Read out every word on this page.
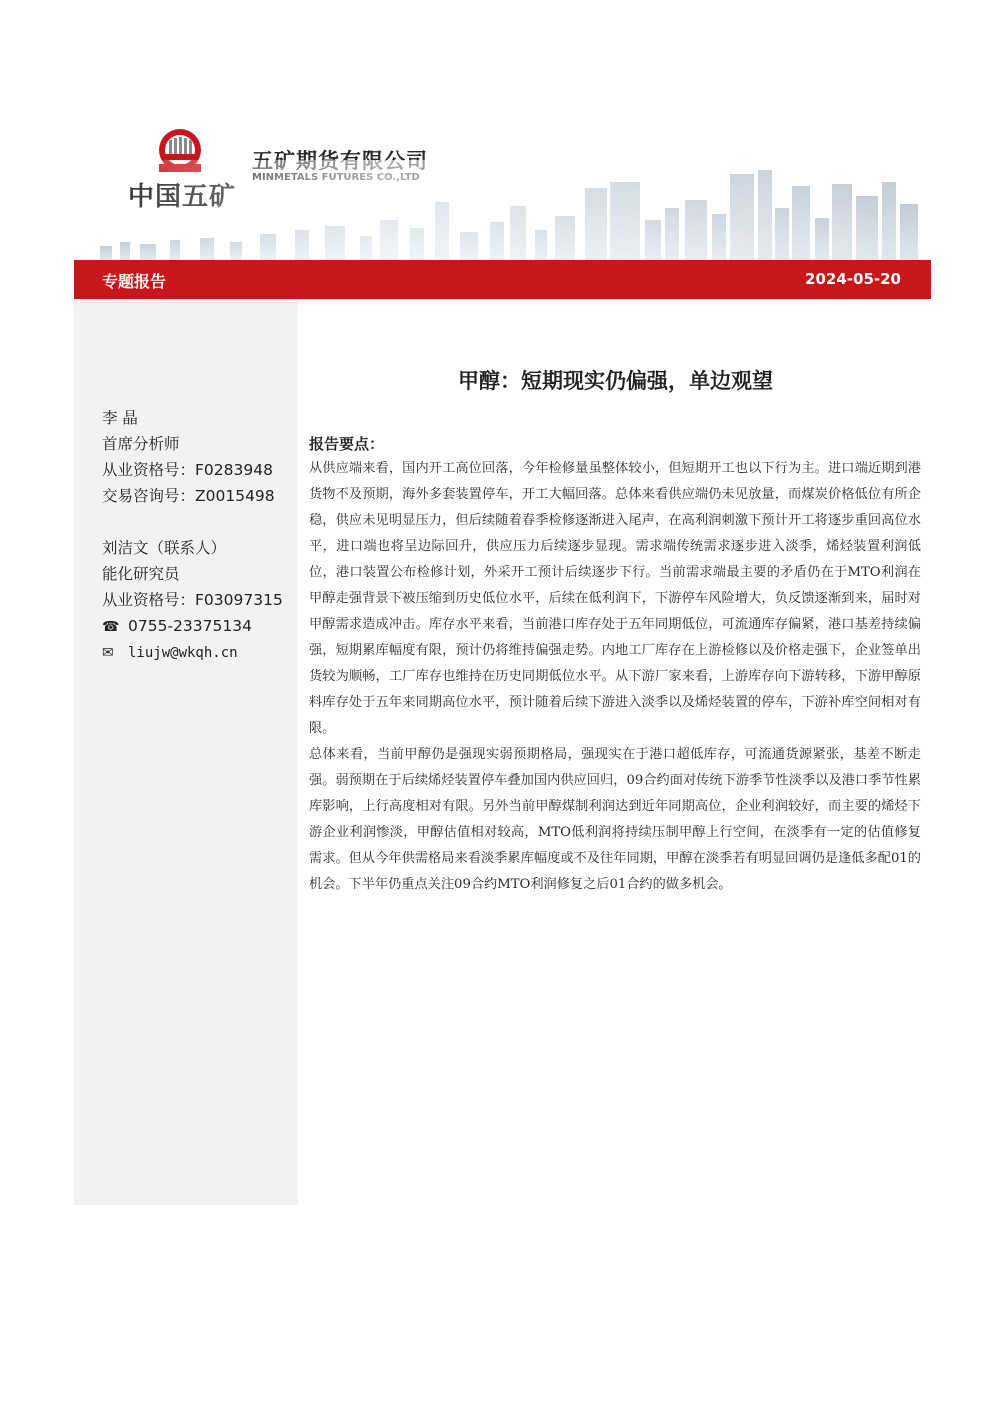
专题报告	2024-05-20
李 晶
首席分析师
从业资格号：F0283948
交易咨询号：Z0015498
刘洁文（联系人）
能化研究员
从业资格号：F03097315
☎ 0755-23375134
✉ liujw@wkqh.cn
甲醇：短期现实仍偏强，单边观望
报告要点：

从供应端来看，国内开工高位回落，今年检修量虽整体较小，但短期开工也以下行为主。进口端近期到港货物不及预期，海外多套装置停车，开工大幅回落。总体来看供应端仍未见放量，而煤炭价格低位有所企稳，供应未见明显压力，但后续随着春季检修逐渐进入尾声，在高利润刺激下预计开工将逐步重回高位水平，进口端也将呈边际回升，供应压力后续逐步显现。需求端传统需求逐步进入淡季，烯烃装置利润低位，港口装置公布检修计划，外采开工预计后续逐步下行。当前需求端最主要的矛盾仍在于MTO利润在甲醇走强背景下被压缩到历史低位水平，后续在低利润下，下游停车风险增大，负反馈逐渐到来，届时对甲醇需求造成冲击。库存水平来看，当前港口库存处于五年同期低位，可流通库存偏紧，港口基差持续偏强，短期累库幅度有限，预计仍将维持偏强走势。内地工厂库存在上游检修以及价格走强下，企业签单出货较为顺畅，工厂库存也维持在历史同期低位水平。从下游厂家来看，上游库存向下游转移，下游甲醇原料库存处于五年来同期高位水平，预计随着后续下游进入淡季以及烯烃装置的停车，下游补库空间相对有限。

总体来看，当前甲醇仍是强现实弱预期格局，强现实在于港口超低库存，可流通货源紧张，基差不断走强。弱预期在于后续烯烃装置停车叠加国内供应回归，09合约面对传统下游季节性淡季以及港口季节性累库影响，上行高度相对有限。另外当前甲醇煤制利润达到近年同期高位，企业利润较好，而主要的烯烃下游企业利润惨淡，甲醇估值相对较高，MTO低利润将持续压制甲醇上行空间，在淡季有一定的估值修复需求。但从今年供需格局来看淡季累库幅度或不及往年同期，甲醇在淡季若有明显回调仍是逢低多配01的机会。下半年仍重点关注09合约MTO利润修复之后01合约的做多机会。
